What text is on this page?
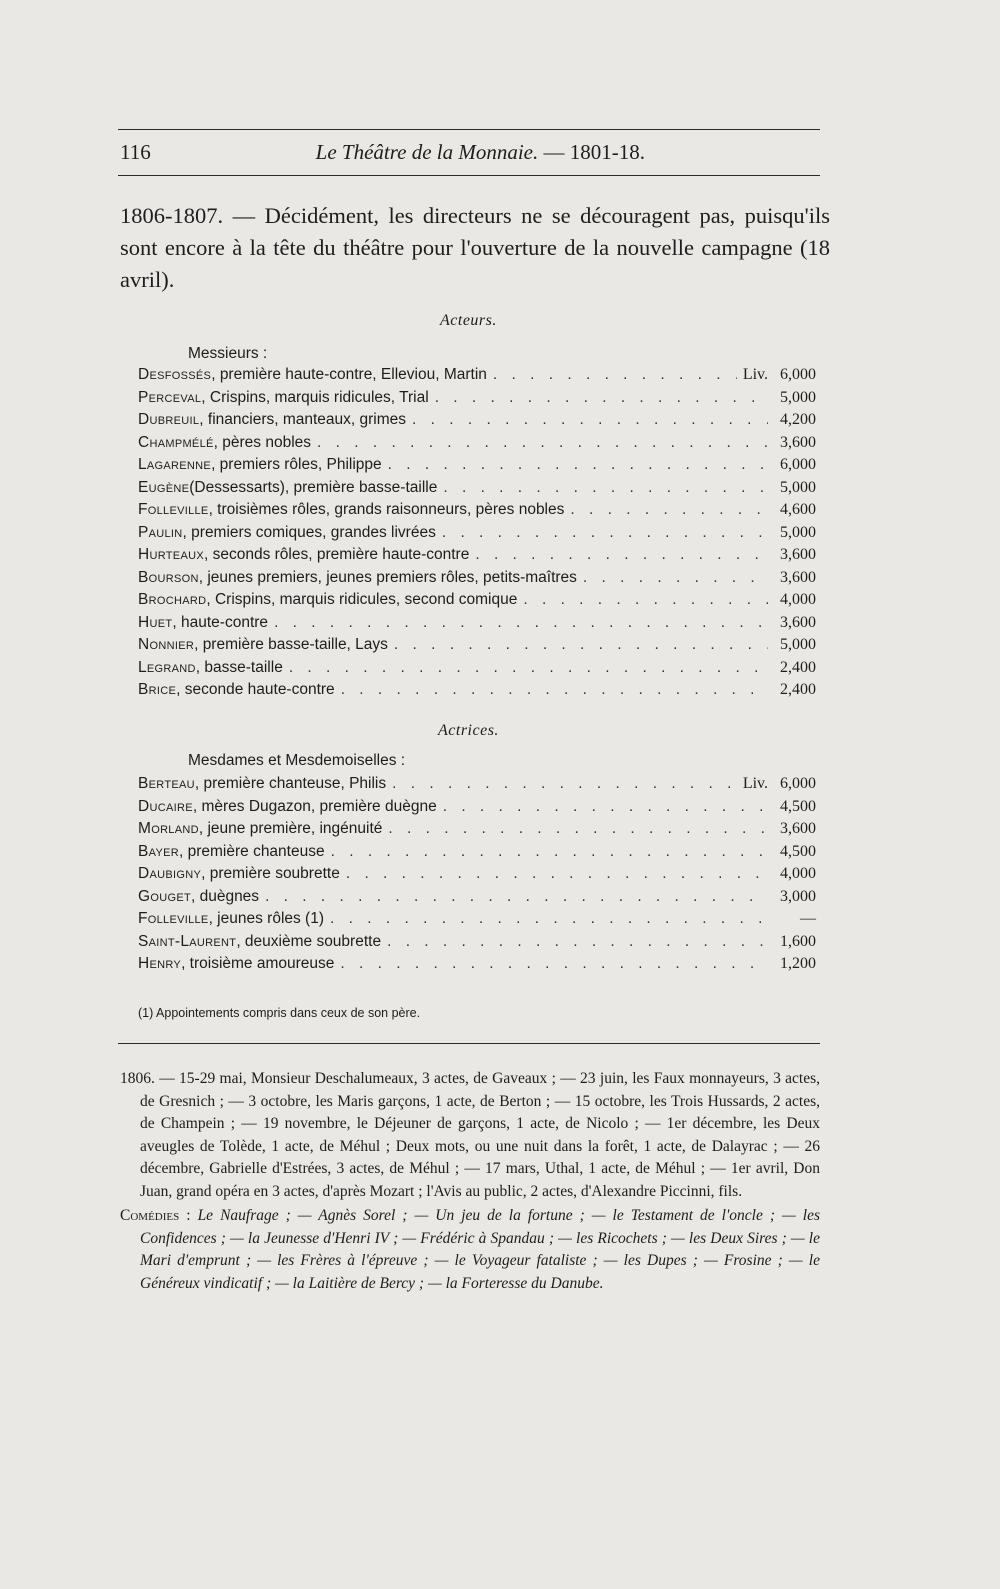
116	Le Théâtre de la Monnaie. — 1801-18.
1806-1807. — Décidément, les directeurs ne se découragent pas, puisqu'ils sont encore à la tête du théâtre pour l'ouverture de la nouvelle campagne (18 avril).
Acteurs.
Messieurs :
Desfossés , première haute-contre, Elleviou, Martin . . .	Liv. 6,000
Perceval , Crispins, marquis ridicules, Trial . . .	5,000
Dubreuil , financiers, manteaux, grimes . . .	4,200
Champmélé , pères nobles . . .	3,600
Lagarenne , premiers rôles, Philippe . . .	6,000
Eugène (Dessessarts), première basse-taille . . .	5,000
Folleville , troisièmes rôles, grands raisonneurs, pères nobles . . .	4,600
Paulin , premiers comiques, grandes livrées . . .	5,000
Hurteaux , seconds rôles, première haute-contre . . .	3,600
Bourson , jeunes premiers, jeunes premiers rôles, petits-maîtres . . .	3,600
Brochard , Crispins, marquis ridicules, second comique . . .	4,000
Huet , haute-contre . . .	3,600
Nonnier , première basse-taille, Lays . . .	5,000
Legrand , basse-taille . . .	2,400
Brice , seconde haute-contre . . .	2,400
Actrices.
Mesdames et Mesdemoiselles :
Berteau , première chanteuse, Philis . . .	Liv. 6,000
Ducaire , mères Dugazon, première duègne . . .	4,500
Morland , jeune première, ingénuité . . .	3,600
Bayer , première chanteuse . . .	4,500
Daubigny , première soubrette . . .	4,000
Gouget , duègnes . . .	3,000
Folleville , jeunes rôles (1) . . .	—
Saint-Laurent , deuxième soubrette . . .	1,600
Henry , troisième amoureuse . . .	1,200
(1) Appointements compris dans ceux de son père.

1806. — 15-29 mai, Monsieur Deschalumeaux, 3 actes, de Gaveaux ; — 23 juin, les Faux monnayeurs, 3 actes, de Gresnich ; — 3 octobre, les Maris garçons, 1 acte, de Berton ; — 15 octobre, les Trois Hussards, 2 actes, de Champein ; — 19 novembre, le Déjeuner de garçons, 1 acte, de Nicolo ; — 1er décembre, les Deux aveugles de Tolède, 1 acte, de Méhul ; Deux mots, ou une nuit dans la forêt, 1 acte, de Dalayrac ; — 26 décembre, Gabrielle d'Estrées, 3 actes, de Méhul ; — 17 mars, Uthal, 1 acte, de Méhul ; — 1er avril, Don Juan, grand opéra en 3 actes, d'après Mozart ; l'Avis au public, 2 actes, d'Alexandre Piccinni, fils.

Comédies : Le Naufrage ; — Agnès Sorel ; — Un jeu de la fortune ; — le Testament de l'oncle ; — les Confidences ; — la Jeunesse d'Henri IV ; — Frédéric à Spandau ; — les Ricochets ; — les Deux Sires ; — le Mari d'emprunt ; — les Frères à l'épreuve ; — le Voyageur fataliste ; — les Dupes ; — Frosine ; — le Généreux vindicatif ; — la Laitière de Bercy ; — la Forteresse du Danube.
